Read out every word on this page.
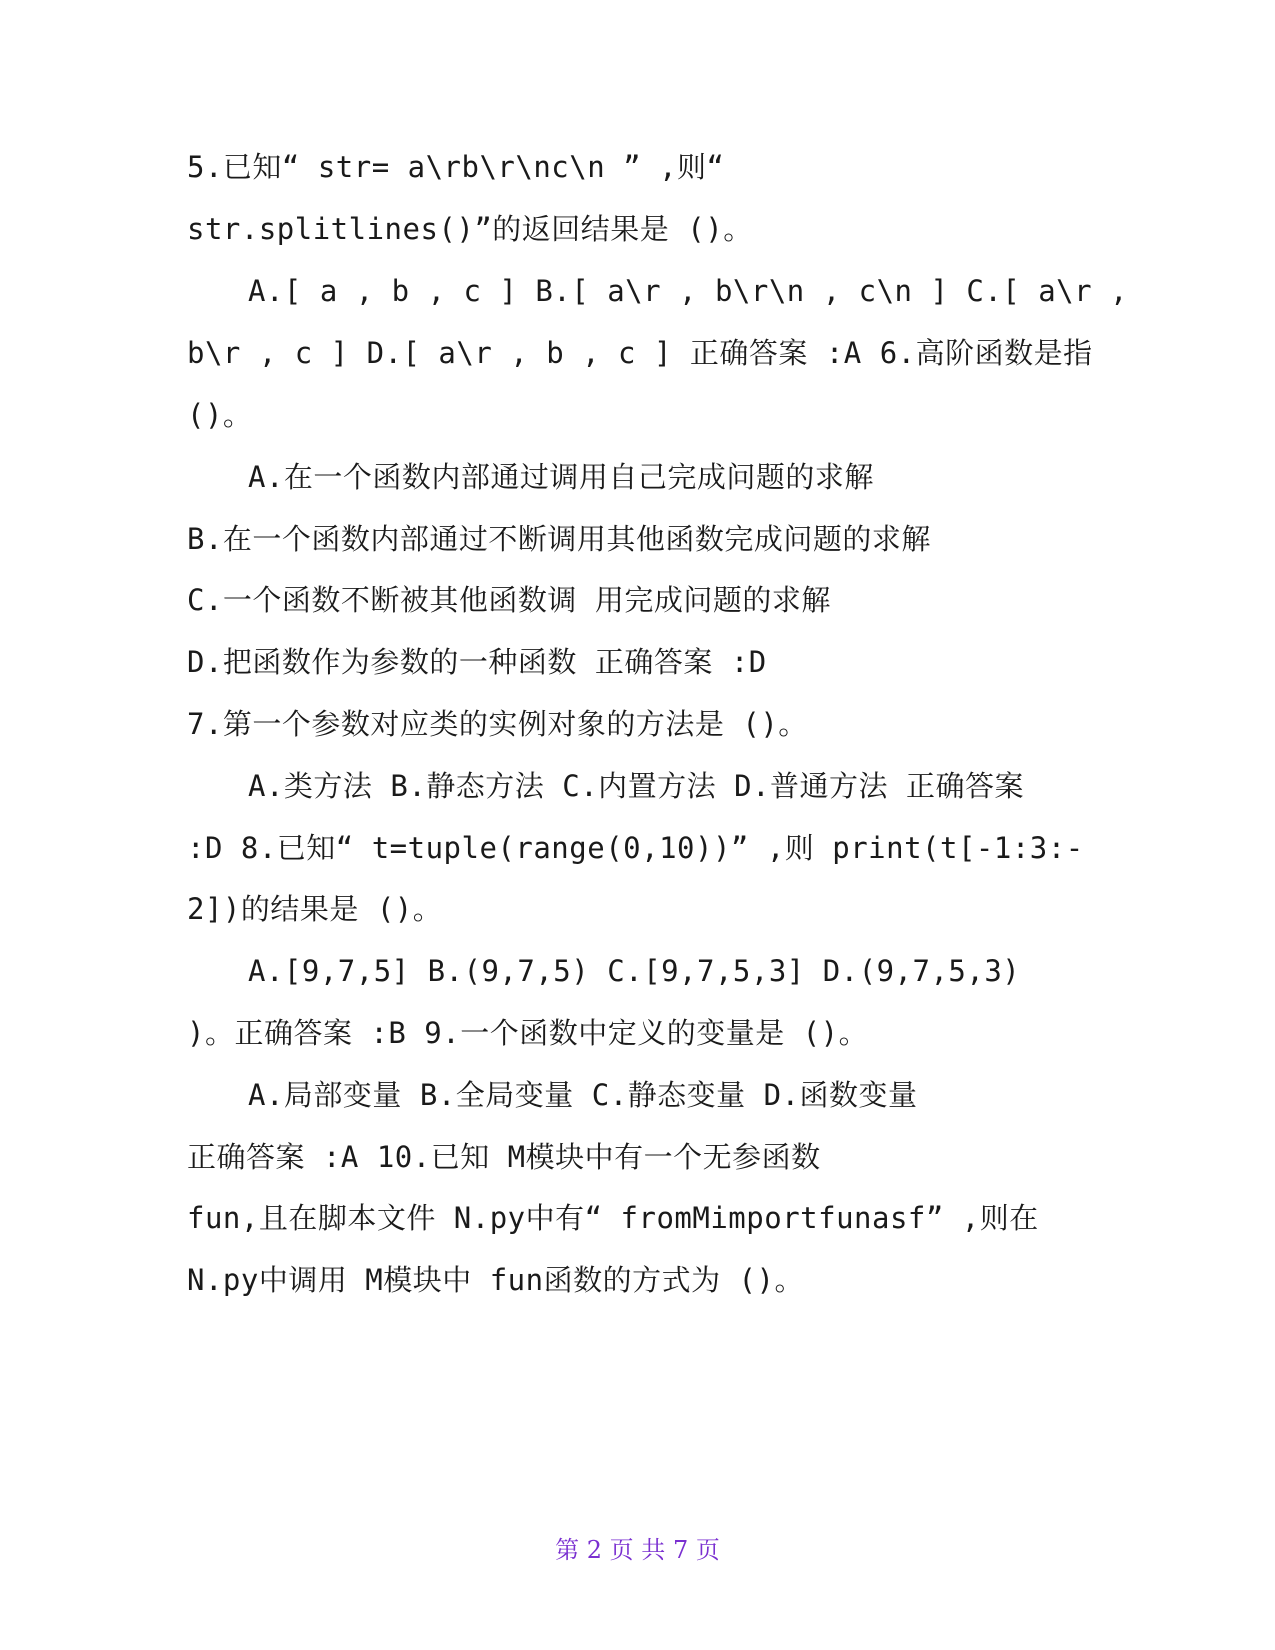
5.已知“ str= a\rb\r\nc\n ” ,则“
str.splitlines()”的返回结果是 ()。
A.[ a , b , c ] B.[ a\r , b\r\n , c\n ] C.[ a\r ,
b\r , c ] D.[ a\r , b , c ] 正确答案 :A 6.高阶函数是指
()。
A.在一个函数内部通过调用自己完成问题的求解
B.在一个函数内部通过不断调用其他函数完成问题的求解
C.一个函数不断被其他函数调 用完成问题的求解
D.把函数作为参数的一种函数 正确答案 :D
7.第一个参数对应类的实例对象的方法是 ()。
A.类方法 B.静态方法 C.内置方法 D.普通方法 正确答案
:D 8.已知“ t=tuple(range(0,10))” ,则 print(t[-1:3:-
2])的结果是 ()。
A.[9,7,5] B.(9,7,5) C.[9,7,5,3] D.(9,7,5,3)
)。正确答案 :B 9.一个函数中定义的变量是 ()。
A.局部变量 B.全局变量 C.静态变量 D.函数变量
正确答案 :A 10.已知 M模块中有一个无参函数
fun,且在脚本文件 N.py中有“ fromMimportfunasf” ,则在
N.py中调用 M模块中 fun函数的方式为 ()。
第 2 页 共 7 页
